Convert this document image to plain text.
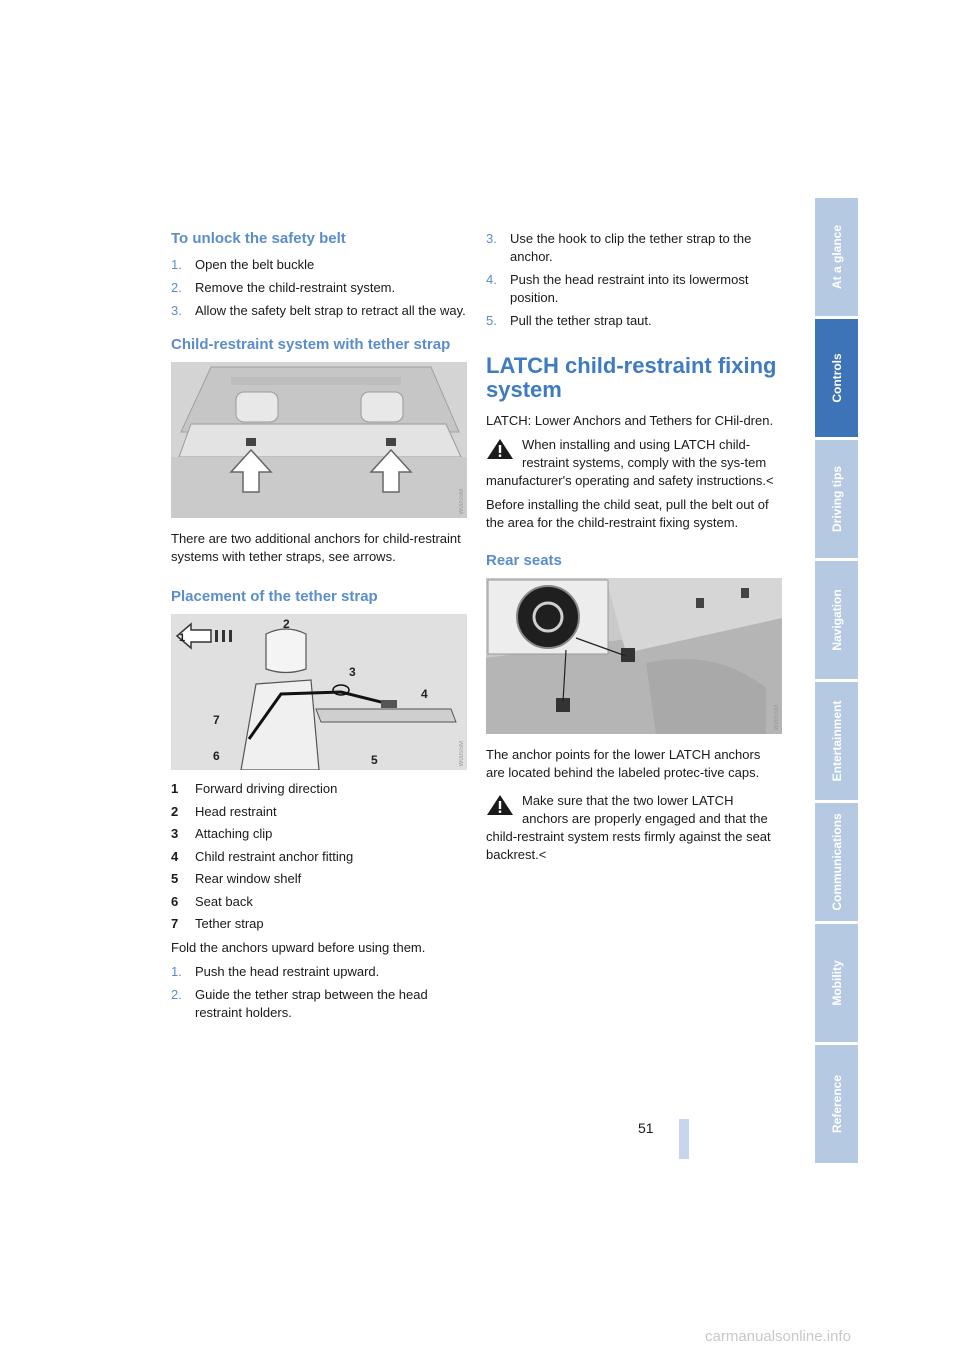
To unlock the safety belt
1. Open the belt buckle
2. Remove the child-restraint system.
3. Allow the safety belt strap to retract all the way.
Child-restraint system with tether strap
W00SSM

There are two additional anchors for child-restraint systems with tether straps, see arrows.

Placement of the tether strap
2
3
4
5
6
7
1
W00SSM
1 Forward driving direction
2 Head restraint
3 Attaching clip
4 Child restraint anchor fitting
5 Rear window shelf
6 Seat back
7 Tether strap

Fold the anchors upward before using them.

1. Push the head restraint upward.
2. Guide the tether strap between the head restraint holders.
3. Use the hook to clip the tether strap to the anchor.
4. Push the head restraint into its lowermost position.
5. Pull the tether strap taut.
LATCH child-restraint fixing system

LATCH: Lower Anchors and Tethers for CHil-dren.

When installing and using LATCH child-restraint systems, comply with the sys-tem manufacturer's operating and safety instructions.<

Before installing the child seat, pull the belt out of the area for the child-restraint fixing system.

Rear seats
W00SSM

The anchor points for the lower LATCH anchors are located behind the labeled protec-tive caps.

Make sure that the two lower LATCH anchors are properly engaged and that the child-restraint system rests firmly against the seat backrest.<
At a glance
Controls
Driving tips
Navigation
Entertainment
Communications
Mobility
Reference
51
carmanualsonline.info
